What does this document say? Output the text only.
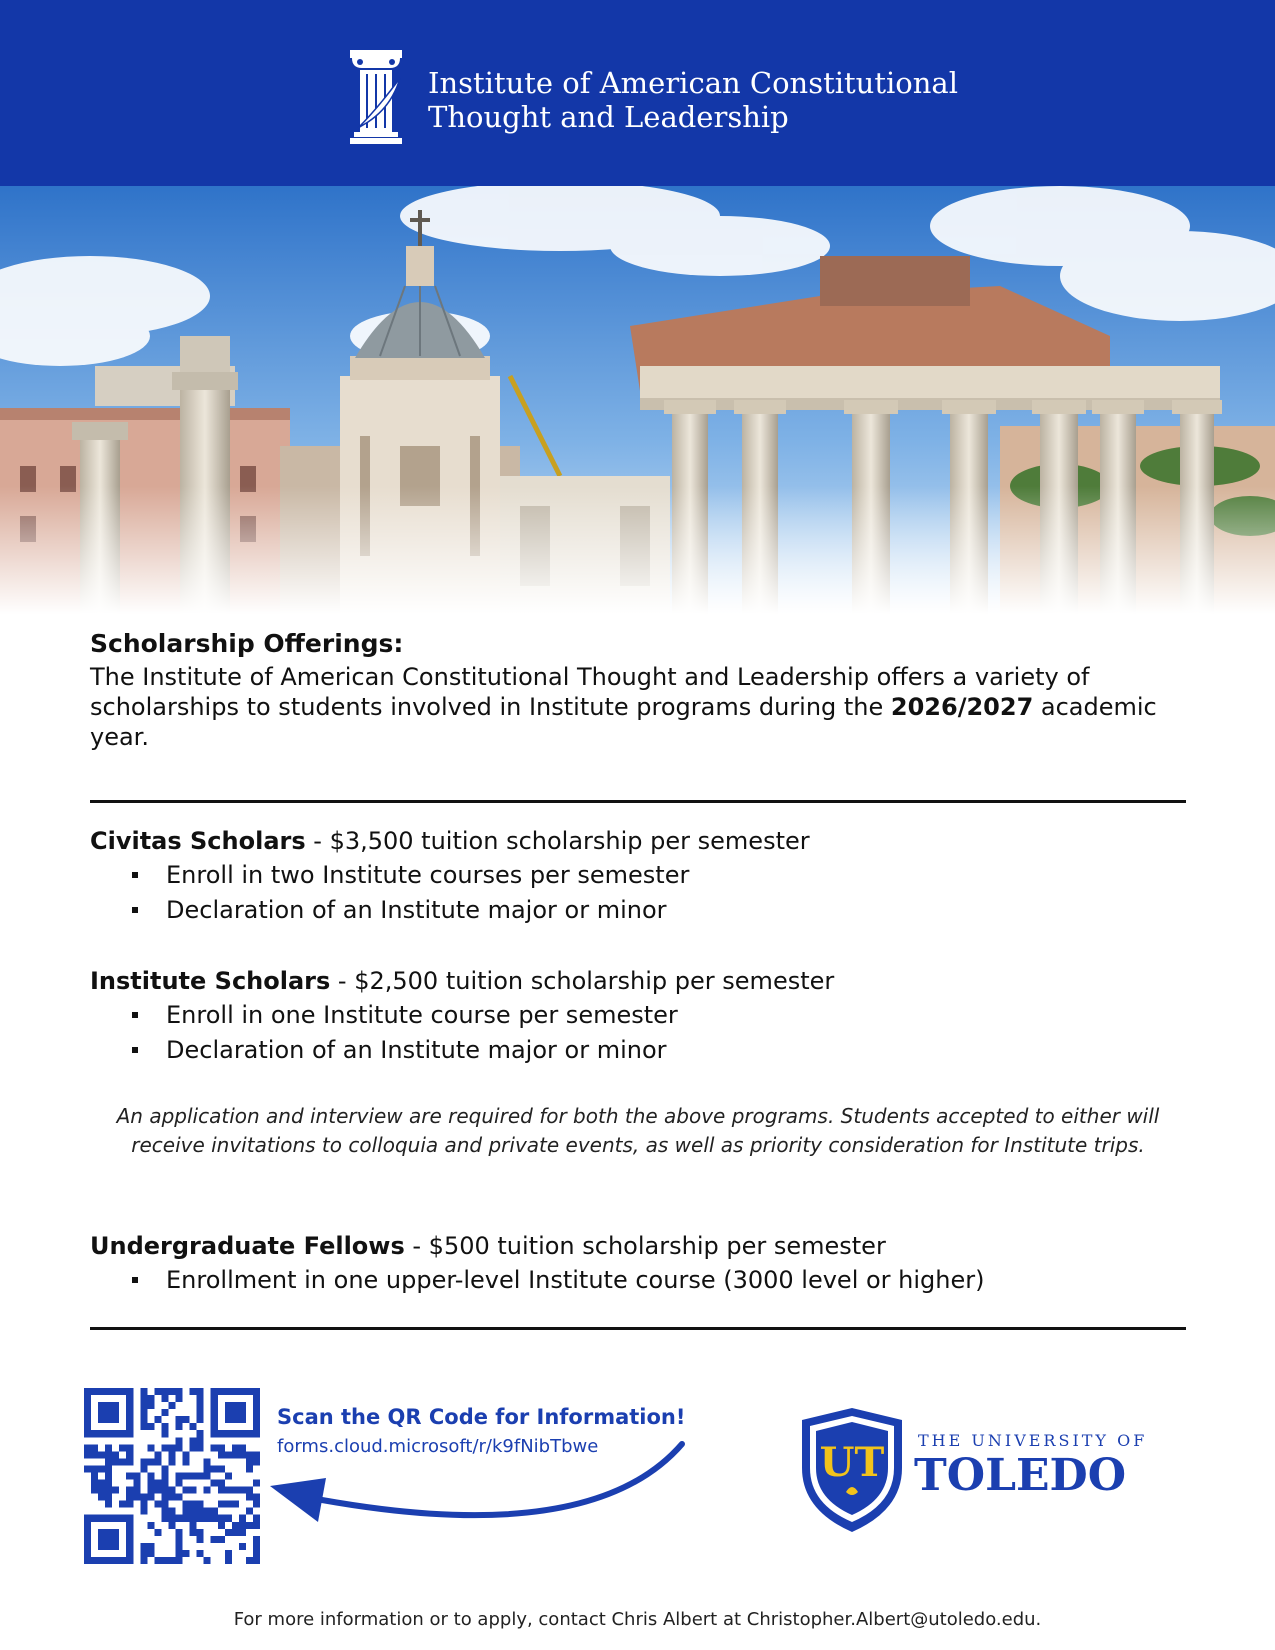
Institute of American Constitutional
Thought and Leadership
Scholarship Offerings:

The Institute of American Constitutional Thought and Leadership offers a variety of scholarships to students involved in Institute programs during the 2026/2027 academic year.

Civitas Scholars - $3,500 tuition scholarship per semester
Enroll in two Institute courses per semester
Declaration of an Institute major or minor
Institute Scholars - $2,500 tuition scholarship per semester
Enroll in one Institute course per semester
Declaration of an Institute major or minor
An application and interview are required for both the above programs. Students accepted to either will receive invitations to colloquia and private events, as well as priority consideration for Institute trips.
Undergraduate Fellows - $500 tuition scholarship per semester
Enrollment in one upper-level Institute course (3000 level or higher)
Scan the QR Code for Information!
forms.cloud.microsoft/r/k9fNibTbwe	UT THE UNIVERSITY OF
TOLEDO
For more information or to apply, contact Chris Albert at Christopher.Albert@utoledo.edu.
